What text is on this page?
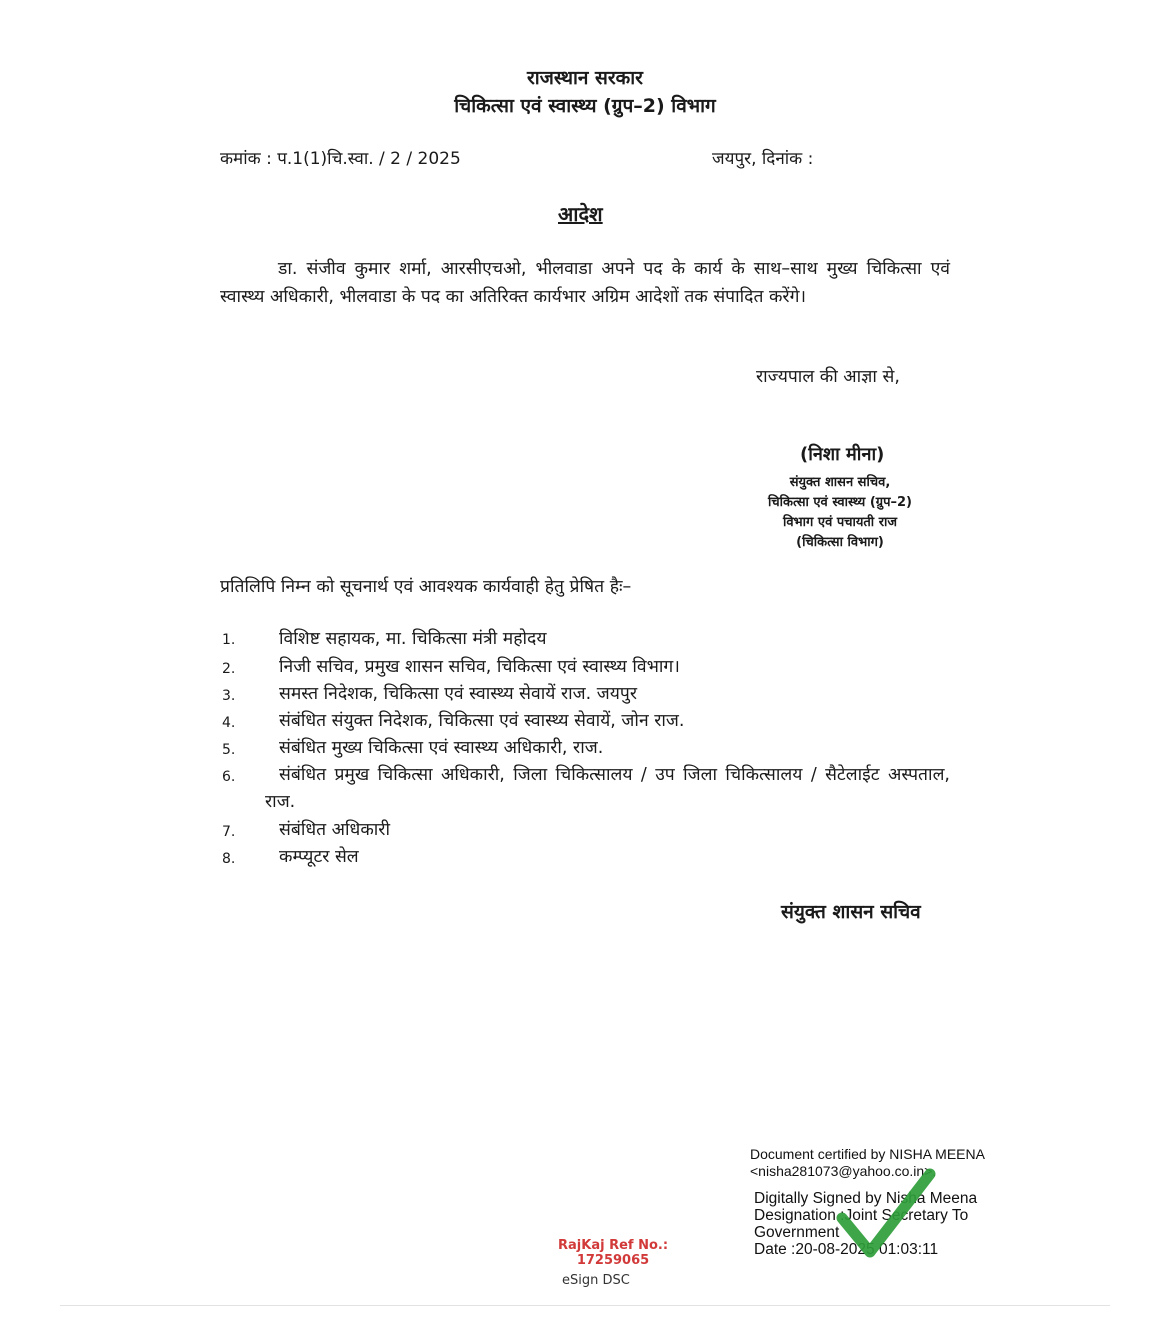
राजस्थान सरकार
चिकित्सा एवं स्वास्थ्य (ग्रुप–2) विभाग
कमांक : प.1(1)चि.स्वा. / 2 / 2025	जयपुर, दिनांक :
आदेश
डा. संजीव कुमार शर्मा, आरसीएचओ, भीलवाडा अपने पद के कार्य के साथ–साथ मुख्य चिकित्सा एवं स्वास्थ्य अधिकारी, भीलवाडा के पद का अतिरिक्त कार्यभार अग्रिम आदेशों तक संपादित करेंगे।
राज्यपाल की आज्ञा से,
(निशा मीना)
संयुक्त शासन सचिव,
चिकित्सा एवं स्वास्थ्य (ग्रुप–2)
विभाग एवं पचायती राज
(चिकित्सा विभाग)
प्रतिलिपि निम्न को सूचनार्थ एवं आवश्यक कार्यवाही हेतु प्रेषित हैः–
1. विशिष्ट सहायक, मा. चिकित्सा मंत्री महोदय
2. निजी सचिव, प्रमुख शासन सचिव, चिकित्सा एवं स्वास्थ्य विभाग।
3. समस्त निदेशक, चिकित्सा एवं स्वास्थ्य सेवायें राज. जयपुर
4. संबंधित संयुक्त निदेशक, चिकित्सा एवं स्वास्थ्य सेवायें, जोन राज.
5. संबंधित मुख्य चिकित्सा एवं स्वास्थ्य अधिकारी, राज.
6.	संबंधित प्रमुख चिकित्सा अधिकारी, जिला चिकित्सालय / उप जिला चिकित्सालय / सैटेलाईट अस्पताल, राज.
7. संबंधित अधिकारी
8. कम्प्यूटर सेल
संयुक्त शासन सचिव
RajKaj Ref No.:
17259065
eSign DSC
Document certified by NISHA MEENA
<nisha281073@yahoo.co.in>.
Digitally Signed by Nisha Meena
Designation :Joint Secretary To
Government
Date :20-08-2025 01:03:11
